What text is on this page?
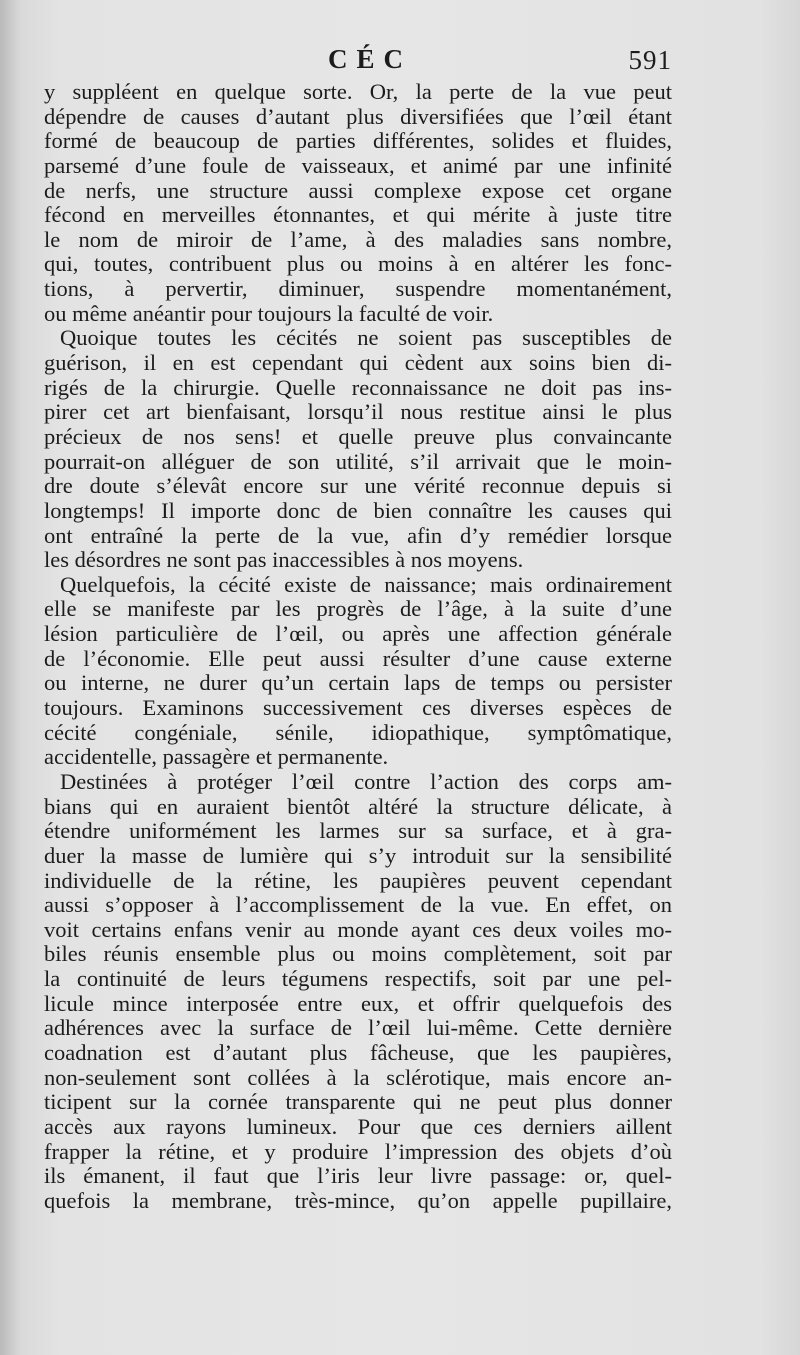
CÉC	591
y suppléent en quelque sorte. Or, la perte de la vue peut
dépendre de causes d’autant plus diversifiées que l’œil étant
formé de beaucoup de parties différentes, solides et fluides,
parsemé d’une foule de vaisseaux, et animé par une infinité
de nerfs, une structure aussi complexe expose cet organe
fécond en merveilles étonnantes, et qui mérite à juste titre
le nom de miroir de l’ame, à des maladies sans nombre,
qui, toutes, contribuent plus ou moins à en altérer les fonc-
tions, à pervertir, diminuer, suspendre momentanément,
ou même anéantir pour toujours la faculté de voir.
Quoique toutes les cécités ne soient pas susceptibles de
guérison, il en est cependant qui cèdent aux soins bien di-
rigés de la chirurgie. Quelle reconnaissance ne doit pas ins-
pirer cet art bienfaisant, lorsqu’il nous restitue ainsi le plus
précieux de nos sens! et quelle preuve plus convaincante
pourrait-on alléguer de son utilité, s’il arrivait que le moin-
dre doute s’élevât encore sur une vérité reconnue depuis si
longtemps! Il importe donc de bien connaître les causes qui
ont entraîné la perte de la vue, afin d’y remédier lorsque
les désordres ne sont pas inaccessibles à nos moyens.
Quelquefois, la cécité existe de naissance; mais ordinairement
elle se manifeste par les progrès de l’âge, à la suite d’une
lésion particulière de l’œil, ou après une affection générale
de l’économie. Elle peut aussi résulter d’une cause externe
ou interne, ne durer qu’un certain laps de temps ou persister
toujours. Examinons successivement ces diverses espèces de
cécité congéniale, sénile, idiopathique, symptômatique,
accidentelle, passagère et permanente.
Destinées à protéger l’œil contre l’action des corps am-
bians qui en auraient bientôt altéré la structure délicate, à
étendre uniformément les larmes sur sa surface, et à gra-
duer la masse de lumière qui s’y introduit sur la sensibilité
individuelle de la rétine, les paupières peuvent cependant
aussi s’opposer à l’accomplissement de la vue. En effet, on
voit certains enfans venir au monde ayant ces deux voiles mo-
biles réunis ensemble plus ou moins complètement, soit par
la continuité de leurs tégumens respectifs, soit par une pel-
licule mince interposée entre eux, et offrir quelquefois des
adhérences avec la surface de l’œil lui-même. Cette dernière
coadnation est d’autant plus fâcheuse, que les paupières,
non-seulement sont collées à la sclérotique, mais encore an-
ticipent sur la cornée transparente qui ne peut plus donner
accès aux rayons lumineux. Pour que ces derniers aillent
frapper la rétine, et y produire l’impression des objets d’où
ils émanent, il faut que l’iris leur livre passage: or, quel-
quefois la membrane, très-mince, qu’on appelle pupillaire,
